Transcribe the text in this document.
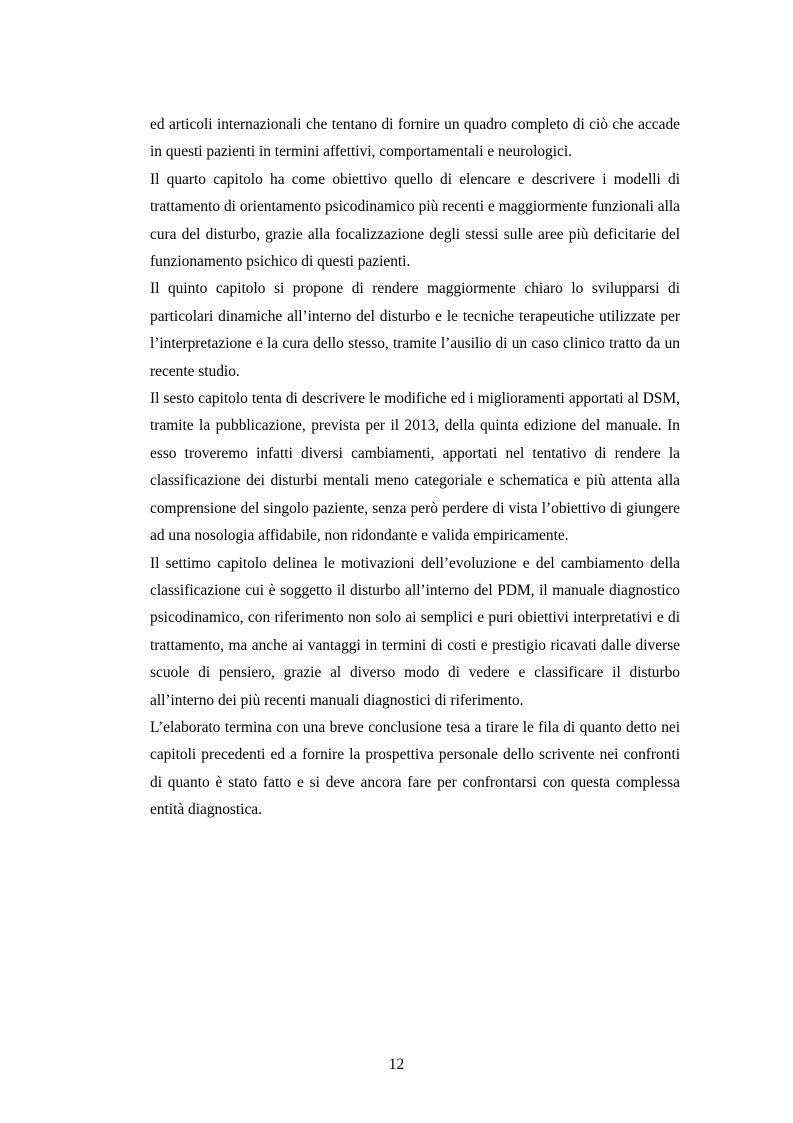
ed articoli internazionali che tentano di fornire un quadro completo di ciò che accade in questi pazienti in termini affettivi, comportamentali e neurologici.

Il quarto capitolo ha come obiettivo quello di elencare e descrivere i modelli di trattamento di orientamento psicodinamico più recenti e maggiormente funzionali alla cura del disturbo, grazie alla focalizzazione degli stessi sulle aree più deficitarie del funzionamento psichico di questi pazienti.

Il quinto capitolo si propone di rendere maggiormente chiaro lo svilupparsi di particolari dinamiche all’interno del disturbo e le tecniche terapeutiche utilizzate per l’interpretazione e la cura dello stesso, tramite l’ausilio di un caso clinico tratto da un recente studio.

Il sesto capitolo tenta di descrivere le modifiche ed i miglioramenti apportati al DSM, tramite la pubblicazione, prevista per il 2013, della quinta edizione del manuale. In esso troveremo infatti diversi cambiamenti, apportati nel tentativo di rendere la classificazione dei disturbi mentali meno categoriale e schematica e più attenta alla comprensione del singolo paziente, senza però perdere di vista l’obiettivo di giungere ad una nosologia affidabile, non ridondante e valida empiricamente.

Il settimo capitolo delinea le motivazioni dell’evoluzione e del cambiamento della classificazione cui è soggetto il disturbo all’interno del PDM, il manuale diagnostico psicodinamico, con riferimento non solo ai semplici e puri obiettivi interpretativi e di trattamento, ma anche ai vantaggi in termini di costi e prestigio ricavati dalle diverse scuole di pensiero, grazie al diverso modo di vedere e classificare il disturbo all’interno dei più recenti manuali diagnostici di riferimento.

L’elaborato termina con una breve conclusione tesa a tirare le fila di quanto detto nei capitoli precedenti ed a fornire la prospettiva personale dello scrivente nei confronti di quanto è stato fatto e si deve ancora fare per confrontarsi con questa complessa entità diagnostica.

12
